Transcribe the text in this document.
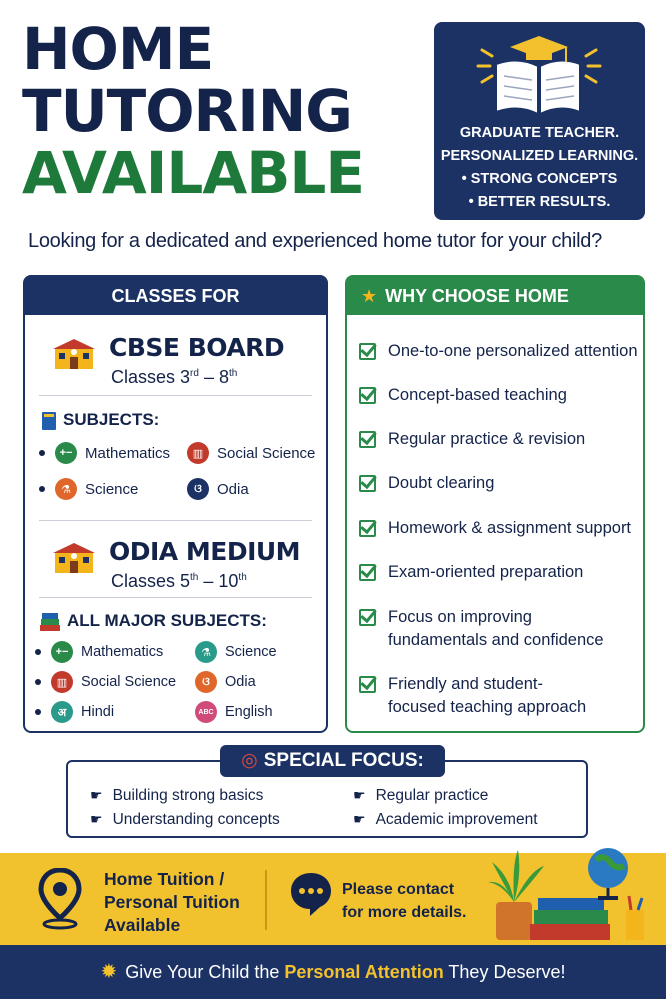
HOME
TUTORING
AVAILABLE
GRADUATE TEACHER.
PERSONALIZED LEARNING.
• STRONG CONCEPTS
• BETTER RESULTS.
Looking for a dedicated and experienced home tutor for your child?
CLASSES FOR
CBSE BOARD
Classes 3rd – 8th
SUBJECTS:
+− Mathematics	▥ Social Science
⚗ Science	ଓ	Odia
ODIA MEDIUM
Classes 5th – 10th
ALL MAJOR SUBJECTS:
+− Mathematics	⚗ Science
▥ Social Science	ଓ	Odia
अ	Hindi	ABC English
★ WHY CHOOSE HOME TUITION?
One-to-one personalized attention
Concept-based teaching
Regular practice & revision
Doubt clearing
Homework & assignment support
Exam-oriented preparation
Focus on improving fundamentals and confidence
Friendly and student-focused teaching approach
◎ SPECIAL FOCUS:
☛ Building strong basics
☛ Understanding concepts
☛ Regular practice
☛ Academic improvement
Home Tuition /
Personal Tuition
Available
Please contact
for more details.
✹ Give Your Child the Personal Attention They Deserve!
